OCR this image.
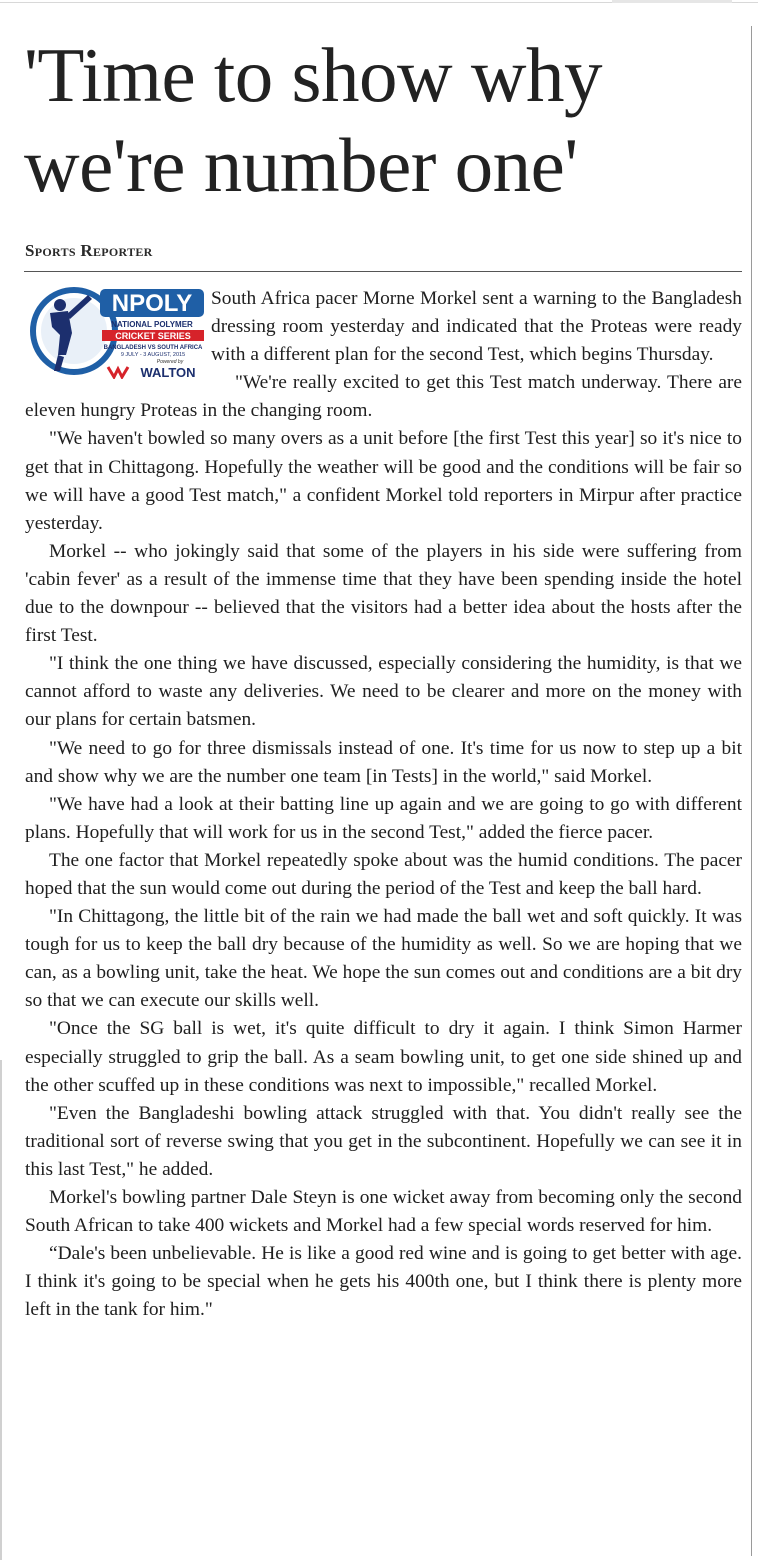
'Time to show why
we're number one'
Sports Reporter
NPOLY
NATIONAL POLYMER
CRICKET SERIES
BANGLADESH VS SOUTH AFRICA
9 JULY - 3 AUGUST, 2015
Powered by
WALTON

South Africa pacer Morne Morkel sent a warning to the Bangladesh dressing room yesterday and indicated that the Proteas were ready with a different plan for the second Test, which begins Thursday.

"We're really excited to get this Test match underway. There are eleven hungry Proteas in the changing room.

"We haven't bowled so many overs as a unit before [the first Test this year] so it's nice to get that in Chittagong. Hopefully the weather will be good and the conditions will be fair so we will have a good Test match," a confident Morkel told reporters in Mirpur after practice yesterday.

Morkel -- who jokingly said that some of the players in his side were suffering from 'cabin fever' as a result of the immense time that they have been spending inside the hotel due to the downpour -- believed that the visitors had a better idea about the hosts after the first Test.

"I think the one thing we have discussed, especially considering the humidity, is that we cannot afford to waste any deliveries. We need to be clearer and more on the money with our plans for certain batsmen.

"We need to go for three dismissals instead of one. It's time for us now to step up a bit and show why we are the number one team [in Tests] in the world," said Morkel.

"We have had a look at their batting line up again and we are going to go with different plans. Hopefully that will work for us in the second Test," added the fierce pacer.

The one factor that Morkel repeatedly spoke about was the humid conditions. The pacer hoped that the sun would come out during the period of the Test and keep the ball hard.

"In Chittagong, the little bit of the rain we had made the ball wet and soft quickly. It was tough for us to keep the ball dry because of the humidity as well. So we are hoping that we can, as a bowling unit, take the heat. We hope the sun comes out and conditions are a bit dry so that we can execute our skills well.

"Once the SG ball is wet, it's quite difficult to dry it again. I think Simon Harmer especially struggled to grip the ball. As a seam bowling unit, to get one side shined up and the other scuffed up in these conditions was next to impossible," recalled Morkel.

"Even the Bangladeshi bowling attack struggled with that. You didn't really see the traditional sort of reverse swing that you get in the subcontinent. Hopefully we can see it in this last Test," he added.

Morkel's bowling partner Dale Steyn is one wicket away from becoming only the second South African to take 400 wickets and Morkel had a few special words reserved for him.

“Dale's been unbelievable. He is like a good red wine and is going to get better with age. I think it's going to be special when he gets his 400th one, but I think there is plenty more left in the tank for him."
